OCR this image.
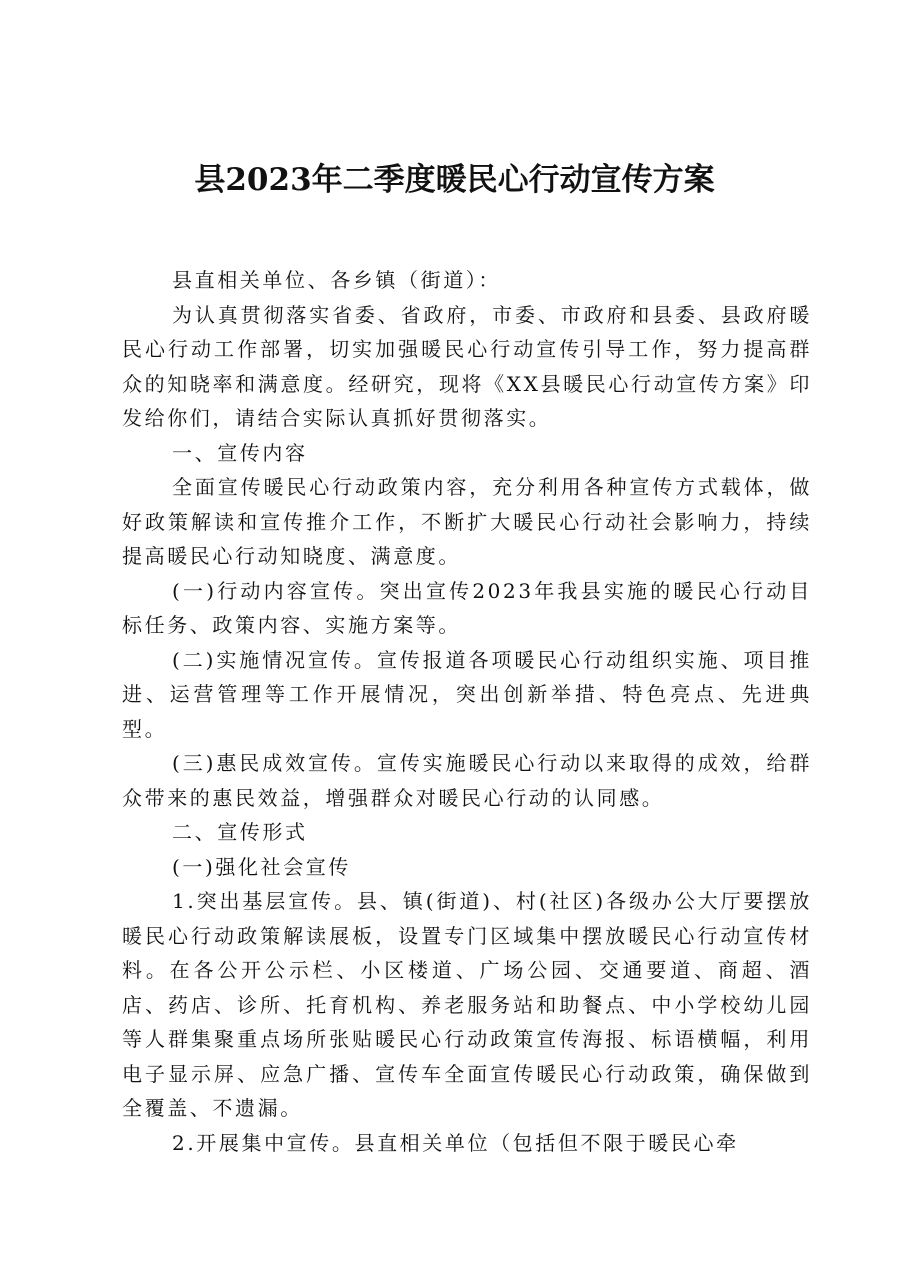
县2023年二季度暖民心行动宣传方案

县直相关单位、各乡镇（街道）：

为认真贯彻落实省委、省政府，市委、市政府和县委、县政府暖民心行动工作部署，切实加强暖民心行动宣传引导工作，努力提高群众的知晓率和满意度。经研究，现将《XX县暖民心行动宣传方案》印发给你们，请结合实际认真抓好贯彻落实。

一、宣传内容

全面宣传暖民心行动政策内容，充分利用各种宣传方式载体，做好政策解读和宣传推介工作，不断扩大暖民心行动社会影响力，持续提高暖民心行动知晓度、满意度。

(一)行动内容宣传。突出宣传2023年我县实施的暖民心行动目标任务、政策内容、实施方案等。

(二)实施情况宣传。宣传报道各项暖民心行动组织实施、项目推进、运营管理等工作开展情况，突出创新举措、特色亮点、先进典型。

(三)惠民成效宣传。宣传实施暖民心行动以来取得的成效，给群众带来的惠民效益，增强群众对暖民心行动的认同感。

二、宣传形式

(一)强化社会宣传

1.突出基层宣传。县、镇(街道)、村(社区)各级办公大厅要摆放暖民心行动政策解读展板，设置专门区域集中摆放暖民心行动宣传材料。在各公开公示栏、小区楼道、广场公园、交通要道、商超、酒店、药店、诊所、托育机构、养老服务站和助餐点、中小学校幼儿园等人群集聚重点场所张贴暖民心行动政策宣传海报、标语横幅，利用电子显示屏、应急广播、宣传车全面宣传暖民心行动政策，确保做到全覆盖、不遗漏。

2.开展集中宣传。县直相关单位（包括但不限于暖民心牵
